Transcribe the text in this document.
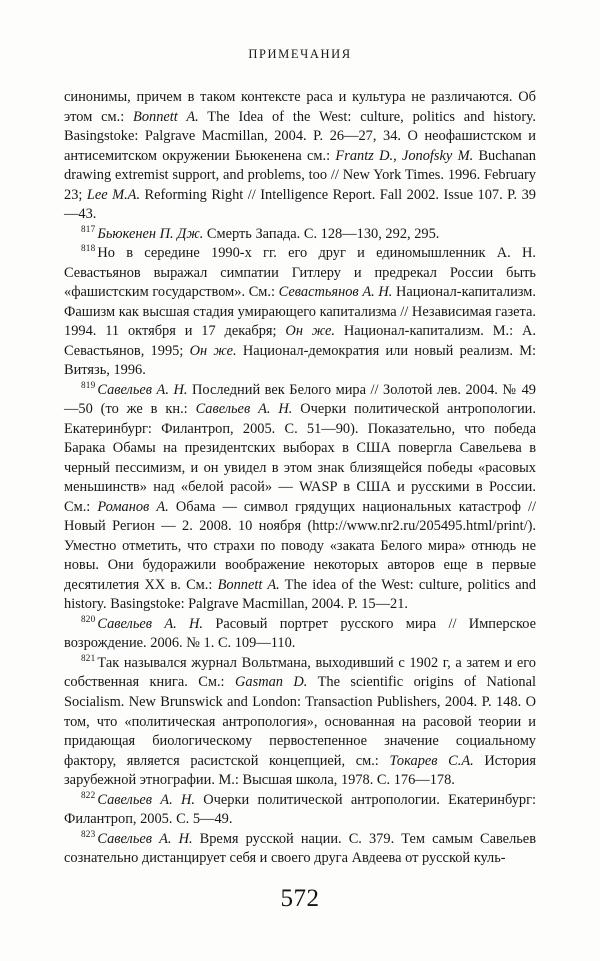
ПРИМЕЧАНИЯ

синонимы, причем в таком контексте раса и культура не различаются. Об этом см.: Bonnett A. The Idea of the West: culture, politics and history. Basingstoke: Palgrave Macmillan, 2004. P. 26—27, 34. О неофашистском и антисемитском окружении Бьюкенена см.: Frantz D., Jonofsky M. Buchanan drawing extremist support, and problems, too // New York Times. 1996. February 23; Lee M.A. Reforming Right // Intelligence Report. Fall 2002. Issue 107. P. 39—43.

$^{817}$ Бьюкенен П. Дж. Смерть Запада. С. 128—130, 292, 295.

$^{818}$ Но в середине 1990-х гг. его друг и единомышленник А. Н. Севастьянов выражал симпатии Гитлеру и предрекал России быть «фашистским государством». См.: Севастьянов А. Н. Национал-капитализм. Фашизм как высшая стадия умирающего капитализма // Независимая газета. 1994. 11 октября и 17 декабря; Он же. Национал-капитализм. М.: А. Севастьянов, 1995; Он же. Национал-демократия или новый реализм. М: Витязь, 1996.

$^{819}$ Савельев А. Н. Последний век Белого мира // Золотой лев. 2004. № 49—50 (то же в кн.: Савельев А. Н. Очерки политической антропологии. Екатеринбург: Филантроп, 2005. С. 51—90). Показательно, что победа Барака Обамы на президентских выборах в США повергла Савельева в черный пессимизм, и он увидел в этом знак близящейся победы «расовых меньшинств» над «белой расой» — WASP в США и русскими в России. См.: Романов А. Обама — символ грядущих национальных катастроф // Новый Регион — 2. 2008. 10 ноября (http://www.nr2.ru/205495.html/print/). Уместно отметить, что страхи по поводу «заката Белого мира» отнюдь не новы. Они будоражили воображение некоторых авторов еще в первые десятилетия XX в. См.: Bonnett A. The idea of the West: culture, politics and history. Basingstoke: Palgrave Macmillan, 2004. P. 15—21.

$^{820}$ Савельев А. Н. Расовый портрет русского мира // Имперское возрождение. 2006. № 1. С. 109—110.

$^{821}$ Так назывался журнал Вольтмана, выходивший с 1902 г, а затем и его собственная книга. См.: Gasman D. The scientific origins of National Socialism. New Brunswick and London: Transaction Publishers, 2004. P. 148. О том, что «политическая антропология», основанная на расовой теории и придающая биологическому первостепенное значение социальному фактору, является расистской концепцией, см.: Токарев С.А. История зарубежной этнографии. М.: Высшая школа, 1978. С. 176—178.

$^{822}$ Савельев А. Н. Очерки политической антропологии. Екатеринбург: Филантроп, 2005. С. 5—49.

$^{823}$ Савельев А. Н. Время русской нации. С. 379. Тем самым Савельев сознательно дистанцирует себя и своего друга Авдеева от русской куль-

572
